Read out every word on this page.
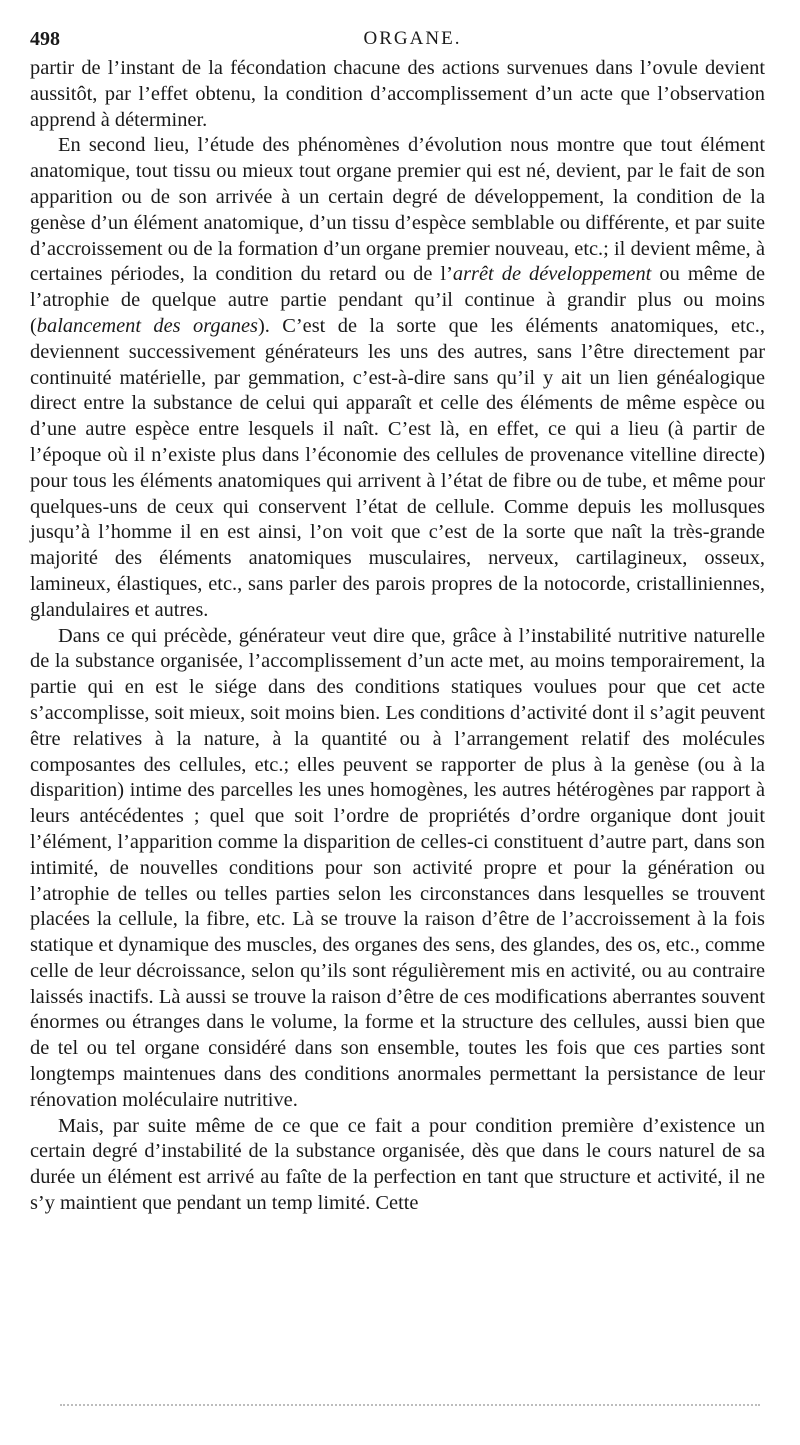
498	ORGANE.

partir de l’instant de la fécondation chacune des actions survenues dans l’ovule devient aussitôt, par l’effet obtenu, la condition d’accomplissement d’un acte que l’observation apprend à déterminer.

En second lieu, l’étude des phénomènes d’évolution nous montre que tout élément anatomique, tout tissu ou mieux tout organe premier qui est né, devient, par le fait de son apparition ou de son arrivée à un certain degré de développement, la condition de la genèse d’un élément anatomique, d’un tissu d’espèce semblable ou différente, et par suite d’accroissement ou de la formation d’un organe premier nouveau, etc.; il devient même, à certaines périodes, la condition du retard ou de l’arrêt de développement ou même de l’atrophie de quelque autre partie pendant qu’il continue à grandir plus ou moins (balancement des organes). C’est de la sorte que les éléments anatomiques, etc., deviennent successivement générateurs les uns des autres, sans l’être directement par continuité matérielle, par gemmation, c’est-à-dire sans qu’il y ait un lien généalogique direct entre la substance de celui qui apparaît et celle des éléments de même espèce ou d’une autre espèce entre lesquels il naît. C’est là, en effet, ce qui a lieu (à partir de l’époque où il n’existe plus dans l’économie des cellules de provenance vitelline directe) pour tous les éléments anatomiques qui arrivent à l’état de fibre ou de tube, et même pour quelques-uns de ceux qui conservent l’état de cellule. Comme depuis les mollusques jusqu’à l’homme il en est ainsi, l’on voit que c’est de la sorte que naît la très-grande majorité des éléments anatomiques musculaires, nerveux, cartilagineux, osseux, lamineux, élastiques, etc., sans parler des parois propres de la notocorde, cristalliniennes, glandulaires et autres.

Dans ce qui précède, générateur veut dire que, grâce à l’instabilité nutritive naturelle de la substance organisée, l’accomplissement d’un acte met, au moins temporairement, la partie qui en est le siége dans des conditions statiques voulues pour que cet acte s’accomplisse, soit mieux, soit moins bien. Les conditions d’activité dont il s’agit peuvent être relatives à la nature, à la quantité ou à l’arrangement relatif des molécules composantes des cellules, etc.; elles peuvent se rapporter de plus à la genèse (ou à la disparition) intime des parcelles les unes homogènes, les autres hétérogènes par rapport à leurs antécédentes ; quel que soit l’ordre de propriétés d’ordre organique dont jouit l’élément, l’apparition comme la disparition de celles-ci constituent d’autre part, dans son intimité, de nouvelles conditions pour son activité propre et pour la génération ou l’atrophie de telles ou telles parties selon les circonstances dans lesquelles se trouvent placées la cellule, la fibre, etc. Là se trouve la raison d’être de l’accroissement à la fois statique et dynamique des muscles, des organes des sens, des glandes, des os, etc., comme celle de leur décroissance, selon qu’ils sont régulièrement mis en activité, ou au contraire laissés inactifs. Là aussi se trouve la raison d’être de ces modifications aberrantes souvent énormes ou étranges dans le volume, la forme et la structure des cellules, aussi bien que de tel ou tel organe considéré dans son ensemble, toutes les fois que ces parties sont longtemps maintenues dans des conditions anormales permettant la persistance de leur rénovation moléculaire nutritive.

Mais, par suite même de ce que ce fait a pour condition première d’existence un certain degré d’instabilité de la substance organisée, dès que dans le cours naturel de sa durée un élément est arrivé au faîte de la perfection en tant que structure et activité, il ne s’y maintient que pendant un temp limité. Cette
